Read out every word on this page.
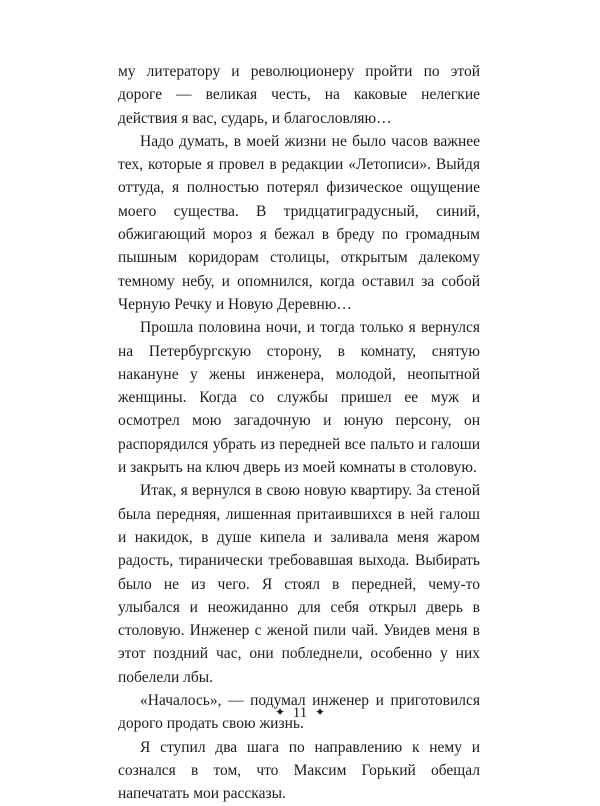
му литератору и революционеру пройти по этой дороге — великая честь, на каковые нелегкие действия я вас, сударь, и благословляю…

Надо думать, в моей жизни не было часов важнее тех, которые я провел в редакции «Летописи». Выйдя оттуда, я полностью потерял физическое ощущение моего существа. В тридцатиградусный, синий, обжигающий мороз я бежал в бреду по громадным пышным коридорам столицы, открытым далекому темному небу, и опомнился, когда оставил за собой Черную Речку и Новую Деревню…

Прошла половина ночи, и тогда только я вернулся на Петербургскую сторону, в комнату, снятую накануне у жены инженера, молодой, неопытной женщины. Когда со службы пришел ее муж и осмотрел мою загадочную и юную персону, он распорядился убрать из передней все пальто и галоши и закрыть на ключ дверь из моей комнаты в столовую.

Итак, я вернулся в свою новую квартиру. За стеной была передняя, лишенная притаившихся в ней галош и накидок, в душе кипела и заливала меня жаром радость, тиранически требовавшая выхода. Выбирать было не из чего. Я стоял в передней, чему-то улыбался и неожиданно для себя открыл дверь в столовую. Инженер с женой пили чай. Увидев меня в этот поздний час, они побледнели, особенно у них побелели лбы.

«Началось», — подумал инженер и приготовился дорого продать свою жизнь.

Я ступил два шага по направлению к нему и сознался в том, что Максим Горький обещал напечатать мои рассказы.

✦ 11 ✦
